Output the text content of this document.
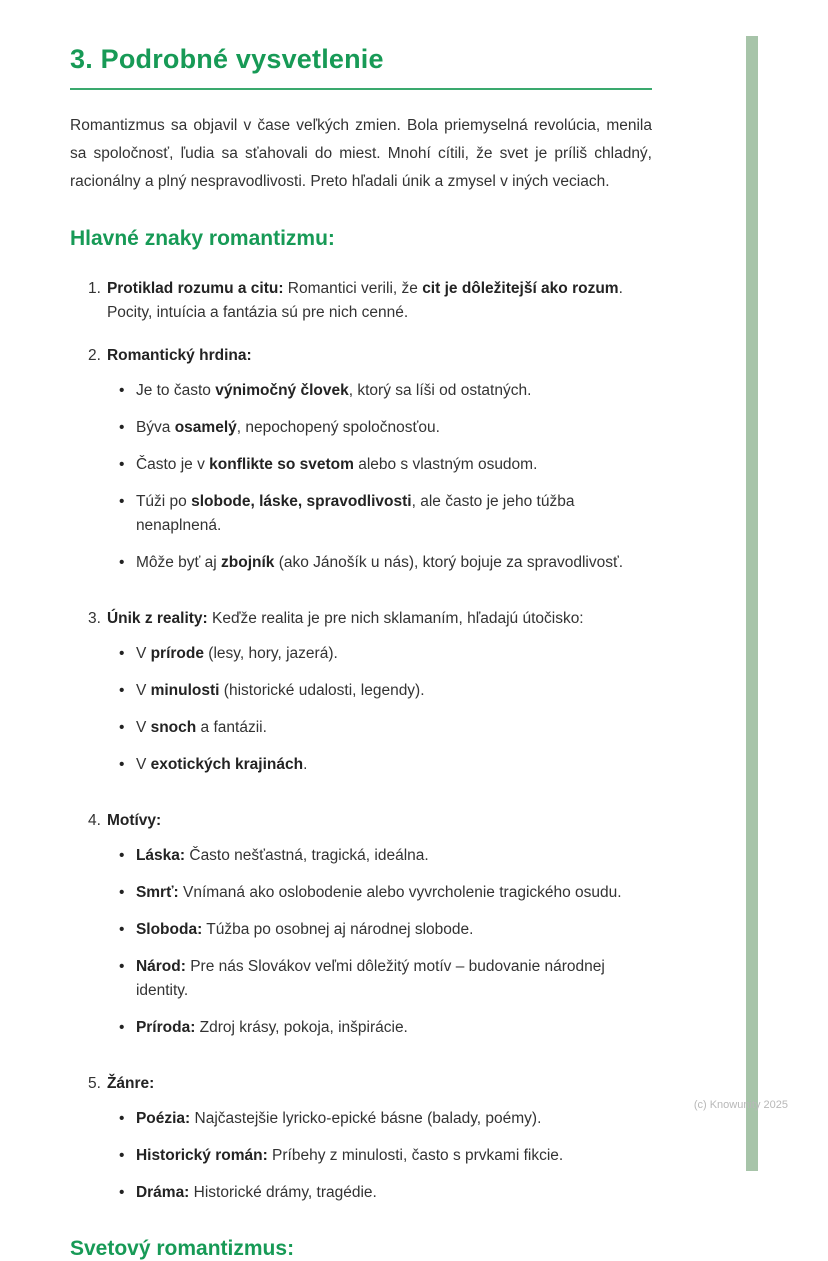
3. Podrobné vysvetlenie

Romantizmus sa objavil v čase veľkých zmien. Bola priemyselná revolúcia, menila sa spoločnosť, ľudia sa sťahovali do miest. Mnohí cítili, že svet je príliš chladný, racionálny a plný nespravodlivosti. Preto hľadali únik a zmysel v iných veciach.

Hlavné znaky romantizmu:
1. Protiklad rozumu a citu: Romantici verili, že cit je dôležitejší ako rozum. Pocity, intuícia a fantázia sú pre nich cenné.
2. Romantický hrdina:
• Je to často výnimočný človek, ktorý sa líši od ostatných.
• Býva osamelý, nepochopený spoločnosťou.
• Často je v konflikte so svetom alebo s vlastným osudom.
• Túži po slobode, láske, spravodlivosti, ale často je jeho túžba nenaplnená.
• Môže byť aj zbojník (ako Jánošík u nás), ktorý bojuje za spravodlivosť.
3. Únik z reality: Keďže realita je pre nich sklamaním, hľadajú útočisko:
• V prírode (lesy, hory, jazerá).
• V minulosti (historické udalosti, legendy).
• V snoch a fantázii.
• V exotických krajinách.
4. Motívy:
• Láska: Často nešťastná, tragická, ideálna.
• Smrť: Vnímaná ako oslobodenie alebo vyvrcholenie tragického osudu.
• Sloboda: Túžba po osobnej aj národnej slobode.
• Národ: Pre nás Slovákov veľmi dôležitý motív – budovanie národnej identity.
• Príroda: Zdroj krásy, pokoja, inšpirácie.
5. Žánre:
• Poézia: Najčastejšie lyricko-epické básne (balady, poémy).
• Historický román: Príbehy z minulosti, často s prvkami fikcie.
• Dráma: Historické drámy, tragédie.
Svetový romantizmus:
(c) Knowunity 2025
